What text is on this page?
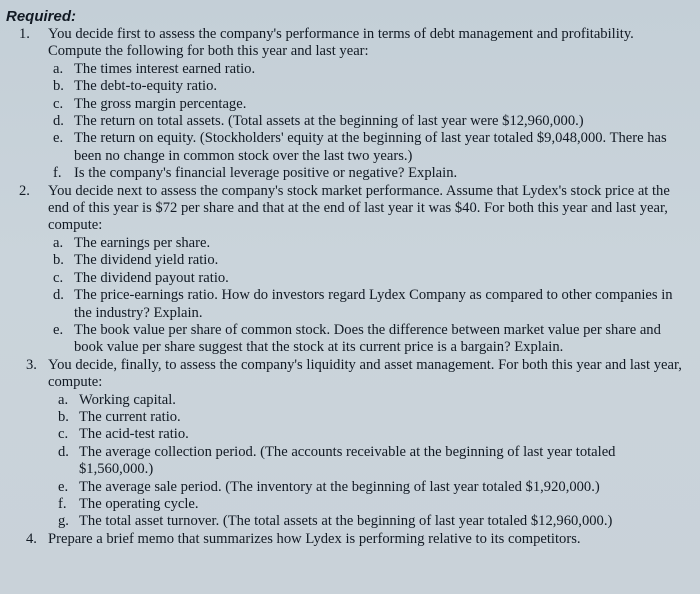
Required:
1. You decide first to assess the company's performance in terms of debt management and profitability. Compute the following for both this year and last year:
a. The times interest earned ratio.
b. The debt-to-equity ratio.
c. The gross margin percentage.
d. The return on total assets. (Total assets at the beginning of last year were $12,960,000.)
e. The return on equity. (Stockholders' equity at the beginning of last year totaled $9,048,000. There has been no change in common stock over the last two years.)
f. Is the company's financial leverage positive or negative? Explain.
2. You decide next to assess the company's stock market performance. Assume that Lydex's stock price at the end of this year is $72 per share and that at the end of last year it was $40. For both this year and last year, compute:
a. The earnings per share.
b. The dividend yield ratio.
c. The dividend payout ratio.
d. The price-earnings ratio. How do investors regard Lydex Company as compared to other companies in the industry? Explain.
e. The book value per share of common stock. Does the difference between market value per share and book value per share suggest that the stock at its current price is a bargain? Explain.
3. You decide, finally, to assess the company's liquidity and asset management. For both this year and last year, compute:
a. Working capital.
b. The current ratio.
c. The acid-test ratio.
d. The average collection period. (The accounts receivable at the beginning of last year totaled $1,560,000.)
e. The average sale period. (The inventory at the beginning of last year totaled $1,920,000.)
f. The operating cycle.
g. The total asset turnover. (The total assets at the beginning of last year totaled $12,960,000.)
4. Prepare a brief memo that summarizes how Lydex is performing relative to its competitors.
